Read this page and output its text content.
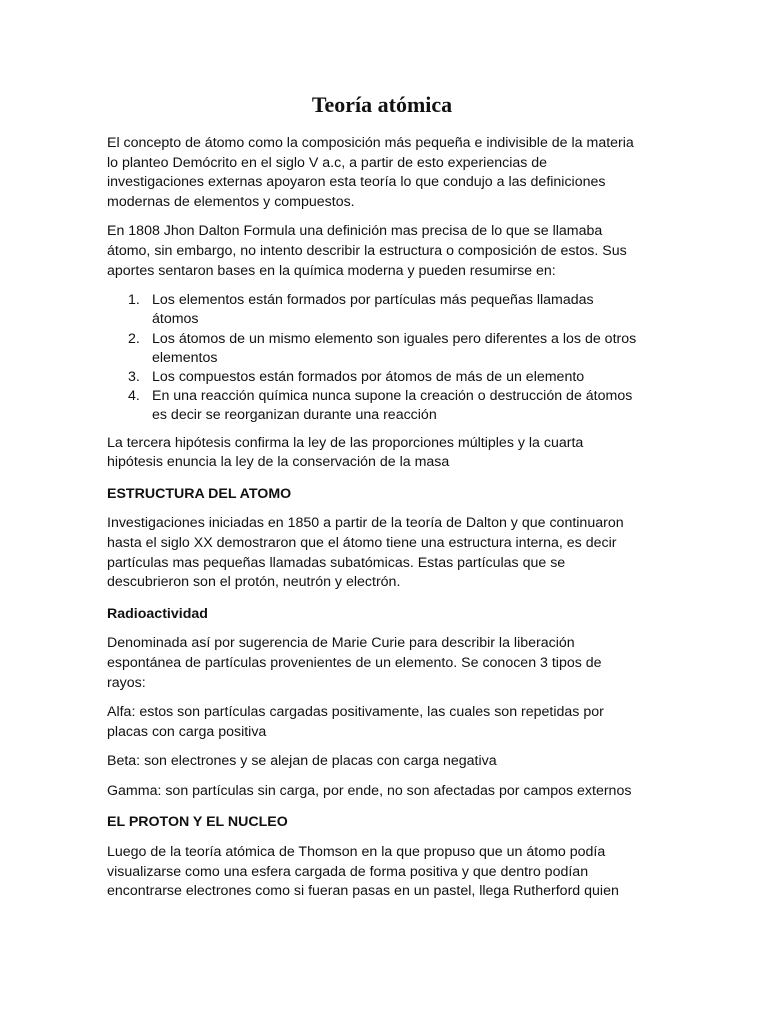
Teoría atómica

El concepto de átomo como la composición más pequeña e indivisible de la materia lo planteo Demócrito en el siglo V a.c, a partir de esto experiencias de investigaciones externas apoyaron esta teoría lo que condujo a las definiciones modernas de elementos y compuestos.

En 1808 Jhon Dalton Formula una definición mas precisa de lo que se llamaba átomo, sin embargo, no intento describir la estructura o composición de estos. Sus aportes sentaron bases en la química moderna y pueden resumirse en:

1. Los elementos están formados por partículas más pequeñas llamadas átomos
2. Los átomos de un mismo elemento son iguales pero diferentes a los de otros elementos
3. Los compuestos están formados por átomos de más de un elemento
4. En una reacción química nunca supone la creación o destrucción de átomos es decir se reorganizan durante una reacción

La tercera hipótesis confirma la ley de las proporciones múltiples y la cuarta hipótesis enuncia la ley de la conservación de la masa

ESTRUCTURA DEL ATOMO

Investigaciones iniciadas en 1850 a partir de la teoría de Dalton y que continuaron hasta el siglo XX demostraron que el átomo tiene una estructura interna, es decir partículas mas pequeñas llamadas subatómicas. Estas partículas que se descubrieron son el protón, neutrón y electrón.

Radioactividad

Denominada así por sugerencia de Marie Curie para describir la liberación espontánea de partículas provenientes de un elemento. Se conocen 3 tipos de rayos:

Alfa: estos son partículas cargadas positivamente, las cuales son repetidas por placas con carga positiva

Beta: son electrones y se alejan de placas con carga negativa

Gamma: son partículas sin carga, por ende, no son afectadas por campos externos

EL PROTON Y EL NUCLEO

Luego de la teoría atómica de Thomson en la que propuso que un átomo podía visualizarse como una esfera cargada de forma positiva y que dentro podían encontrarse electrones como si fueran pasas en un pastel, llega Rutherford quien
